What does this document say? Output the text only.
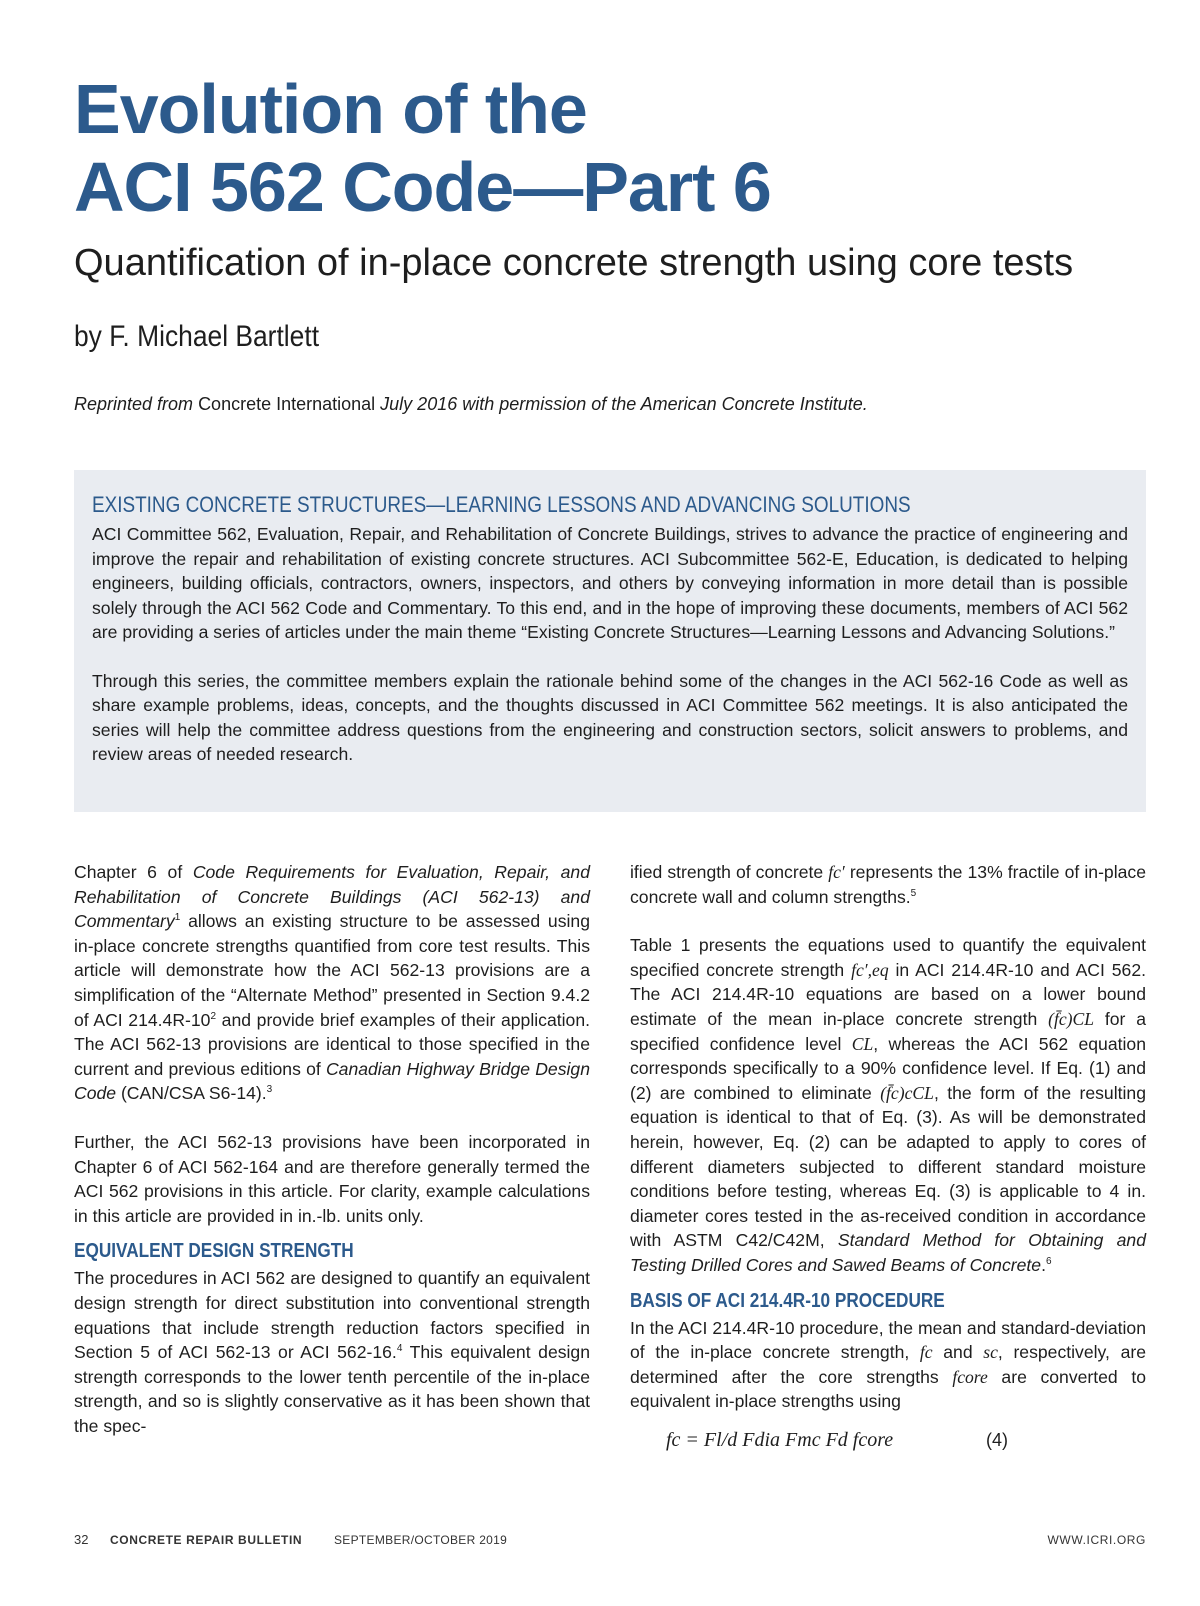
Evolution of the
ACI 562 Code—Part 6
Quantification of in-place concrete strength using core tests
by F. Michael Bartlett
Reprinted from Concrete International July 2016 with permission of the American Concrete Institute.
EXISTING CONCRETE STRUCTURES—LEARNING LESSONS AND ADVANCING SOLUTIONS

ACI Committee 562, Evaluation, Repair, and Rehabilitation of Concrete Buildings, strives to advance the practice of engineering and improve the repair and rehabilitation of existing concrete structures. ACI Subcommittee 562-E, Education, is dedicated to helping engineers, building officials, contractors, owners, inspectors, and others by conveying information in more detail than is possible solely through the ACI 562 Code and Commentary. To this end, and in the hope of improving these documents, members of ACI 562 are providing a series of articles under the main theme “Existing Concrete Structures—Learning Lessons and Advancing Solutions.”

Through this series, the committee members explain the rationale behind some of the changes in the ACI 562-16 Code as well as share example problems, ideas, concepts, and the thoughts discussed in ACI Committee 562 meetings. It is also anticipated the series will help the committee address questions from the engineering and construction sectors, solicit answers to problems, and review areas of needed research.

Chapter 6 of Code Requirements for Evaluation, Repair, and Rehabilitation of Concrete Buildings (ACI 562-13) and Commentary$^1$ allows an existing structure to be assessed using in-place concrete strengths quantified from core test results. This article will demonstrate how the ACI 562-13 provisions are a simplification of the “Alternate Method” presented in Section 9.4.2 of ACI $214.4R-10^2$ and provide brief examples of their application. The ACI 562-13 provisions are identical to those specified in the current and previous editions of Canadian Highway Bridge Design Code (CAN/CSA S6-14).$^3$

Further, the ACI 562-13 provisions have been incorporated in Chapter 6 of ACI 562-164 and are therefore generally termed the ACI 562 provisions in this article. For clarity, example calculations in this article are provided in in.-lb. units only.

EQUIVALENT DESIGN STRENGTH

The procedures in ACI 562 are designed to quantify an equivalent design strength for direct substitution into conventional strength equations that include strength reduction factors specified in Section 5 of ACI 562-13 or ACI 562-16.$^4$ This equivalent design strength corresponds to the lower tenth percentile of the in-place strength, and so is slightly conservative as it has been shown that the spec-

ified strength of concrete fc′ represents the 13% fractile of in-place concrete wall and column strengths.$^5$

Table 1 presents the equations used to quantify the equivalent specified concrete strength fc′,eq in ACI 214.4R-10 and ACI 562. The ACI 214.4R-10 equations are based on a lower bound estimate of the mean in-place concrete strength (f̄c)CL for a specified confidence level CL, whereas the ACI 562 equation corresponds specifically to a 90% confidence level. If Eq. (1) and (2) are combined to eliminate (f̄c)cCL, the form of the resulting equation is identical to that of Eq. (3). As will be demonstrated herein, however, Eq. (2) can be adapted to apply to cores of different diameters subjected to different standard moisture conditions before testing, whereas Eq. (3) is applicable to 4 in. diameter cores tested in the as-received condition in accordance with ASTM C42/C42M, Standard Method for Obtaining and Testing Drilled Cores and Sawed Beams of Concrete.$^6$

BASIS OF ACI 214.4R-10 PROCEDURE

In the ACI 214.4R-10 procedure, the mean and standard-deviation of the in-place concrete strength, fc and sc, respectively, are determined after the core strengths fcore are converted to equivalent in-place strengths using

fc = Fl/d Fdia Fmc Fd fcore	(4)
32 CONCRETE REPAIR BULLETIN	SEPTEMBER/OCTOBER 2019	WWW.ICRI.ORG
